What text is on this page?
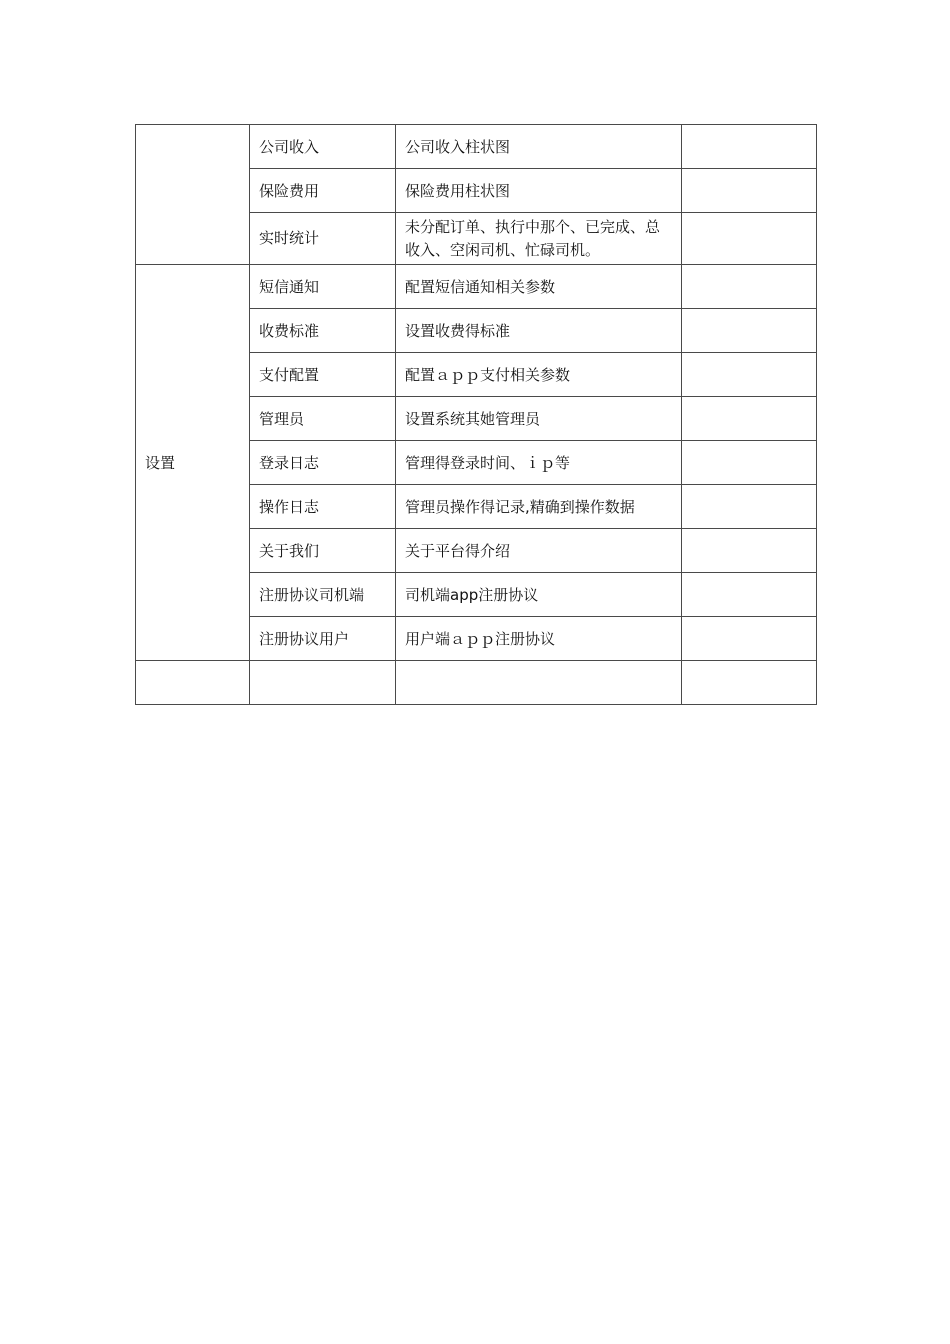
	公司收入	公司收入柱状图	
	保险费用	保险费用柱状图	
	实时统计	未分配订单、执行中那个、已完成、总收入、空闲司机、忙碌司机。	
设置	短信通知	配置短信通知相关参数	
	收费标准	设置收费得标准	
	支付配置	配置ａｐｐ支付相关参数	
	管理员	设置系统其她管理员	
	登录日志	管理得登录时间、ｉｐ等	
	操作日志	管理员操作得记录,精确到操作数据	
	关于我们	关于平台得介绍	
	注册协议司机端	司机端app注册协议	
	注册协议用户	用户端ａｐｐ注册协议	
